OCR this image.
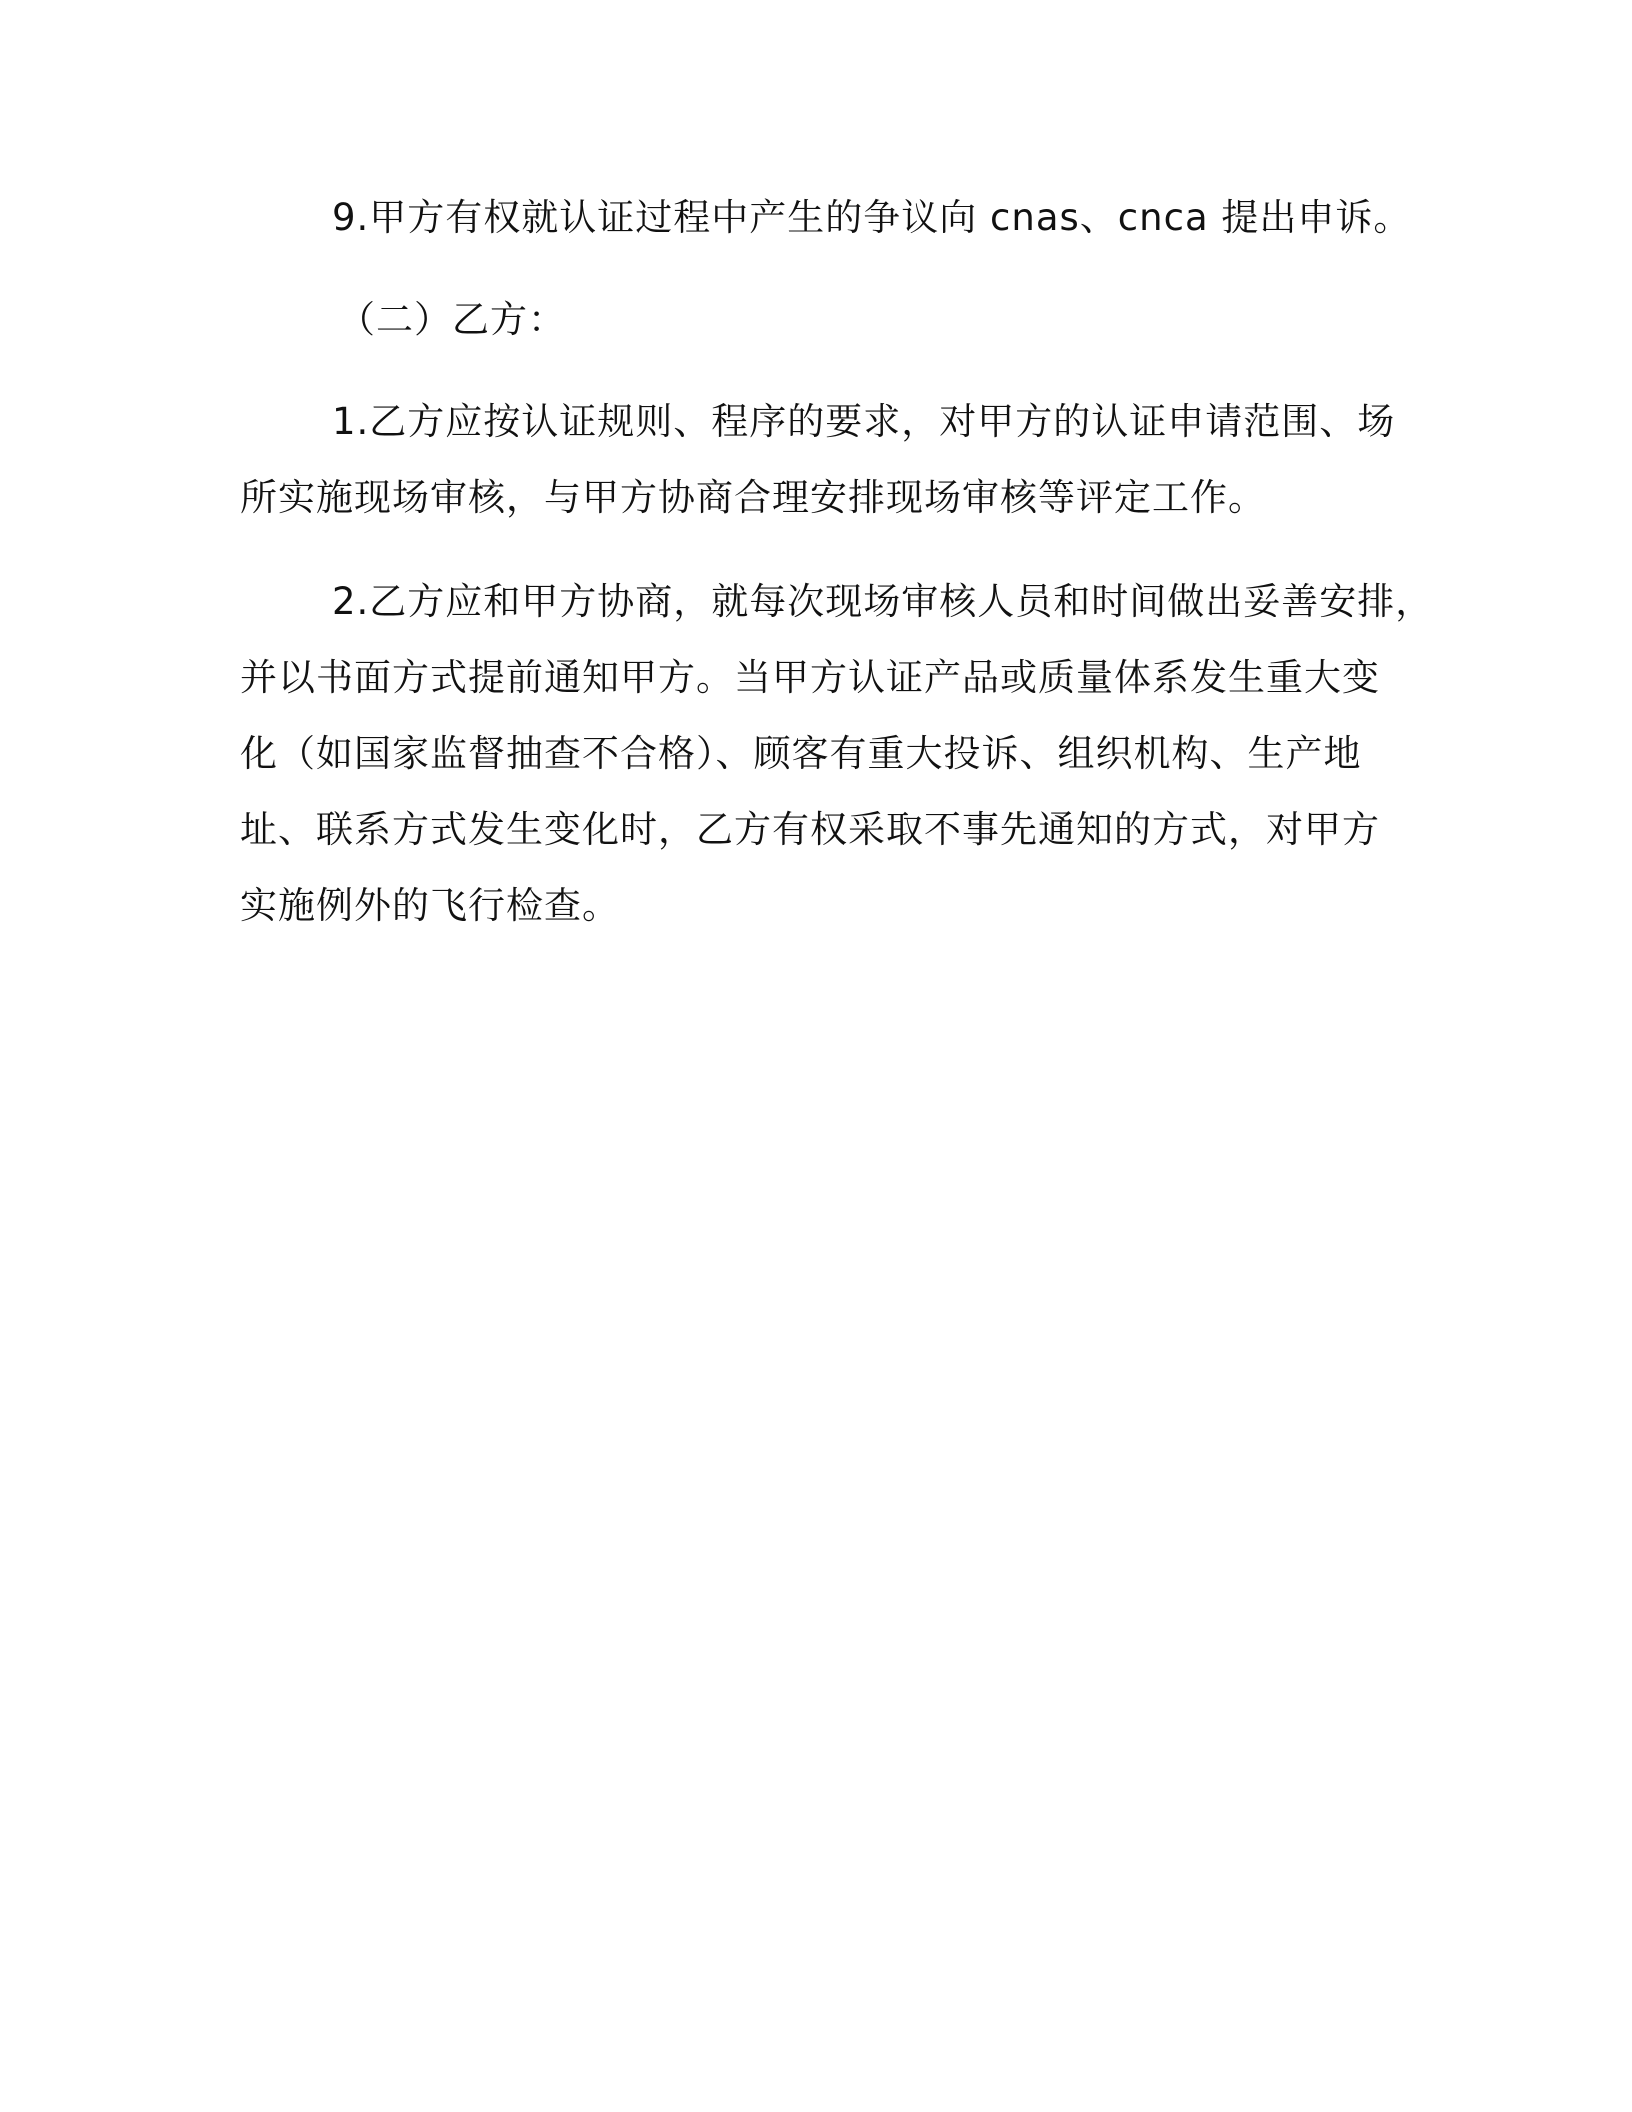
9.甲方有权就认证过程中产生的争议向 cnas、cnca 提出申诉。
（二）乙方：
1.乙方应按认证规则、程序的要求，对甲方的认证申请范围、场
所实施现场审核，与甲方协商合理安排现场审核等评定工作。
2.乙方应和甲方协商，就每次现场审核人员和时间做出妥善安排，
并以书面方式提前通知甲方。当甲方认证产品或质量体系发生重大变
化（如国家监督抽查不合格）、顾客有重大投诉、组织机构、生产地
址、联系方式发生变化时，乙方有权采取不事先通知的方式，对甲方
实施例外的飞行检查。
